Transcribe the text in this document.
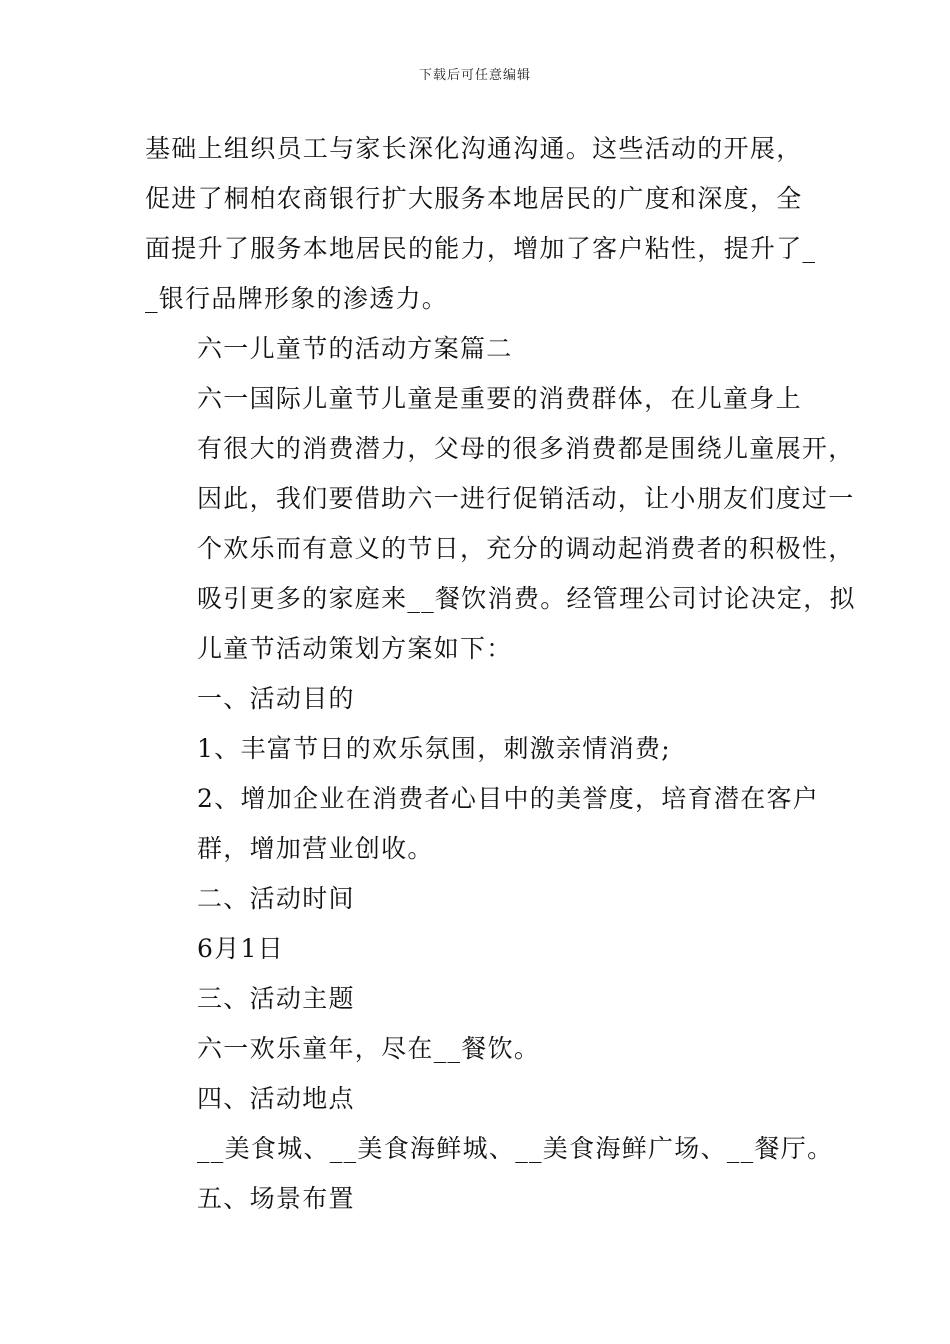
下载后可任意编辑

基础上组织员工与家长深化沟通沟通。这些活动的开展，
促进了桐柏农商银行扩大服务本地居民的广度和深度，全
面提升了服务本地居民的能力，增加了客户粘性，提升了_
_银行品牌形象的渗透力。

六一儿童节的活动方案篇二

六一国际儿童节儿童是重要的消费群体，在儿童身上
有很大的消费潜力，父母的很多消费都是围绕儿童展开，
因此，我们要借助六一进行促销活动，让小朋友们度过一
个欢乐而有意义的节日，充分的调动起消费者的积极性，
吸引更多的家庭来__餐饮消费。经管理公司讨论决定，拟
儿童节活动策划方案如下：

一、活动目的

1、丰富节日的欢乐氛围，刺激亲情消费;

2、增加企业在消费者心目中的美誉度，培育潜在客户
群，增加营业创收。

二、活动时间

6月1日

三、活动主题

六一欢乐童年，尽在__餐饮。

四、活动地点

__美食城、__美食海鲜城、__美食海鲜广场、__餐厅。

五、场景布置
